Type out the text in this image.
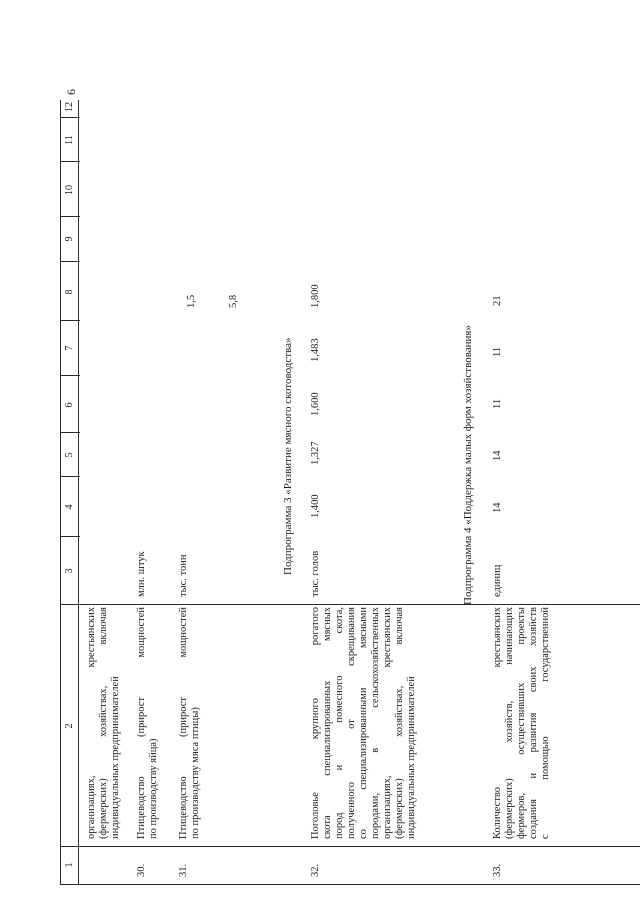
6
1
2
3
4
5
6
7
8
9
10
11
12
организациях, крестьянских (фермерских) хозяйствах, включая индивидуальных предпринимателей
30.
Птицеводство (прирост мощностей по производству яйца)
млн. штук
1,5
31.
Птицеводство (прирост мощностей по производству мяса птицы)
тыс. тонн
5,8
Подпрограмма 3 «Развитие мясного скотоводства»
32.
Поголовье крупного рогатого скота специализированных мясных пород и помесного скота, полученного от скрещивания со специализированными мясными породами, в сельскохозяйственных организациях, крестьянских (фермерских) хозяйствах, включая индивидуальных предпринимателей
тыс. голов
1,400
1,327
1,600
1,483
1,800
Подпрограмма 4 «Поддержка малых форм хозяйствования»
33.
Количество крестьянских (фермерских) хозяйств, начинающих фермеров, осуществивших проекты создания и развития своих хозяйств с помощью государственной
единиц
14
14
11
11
21
